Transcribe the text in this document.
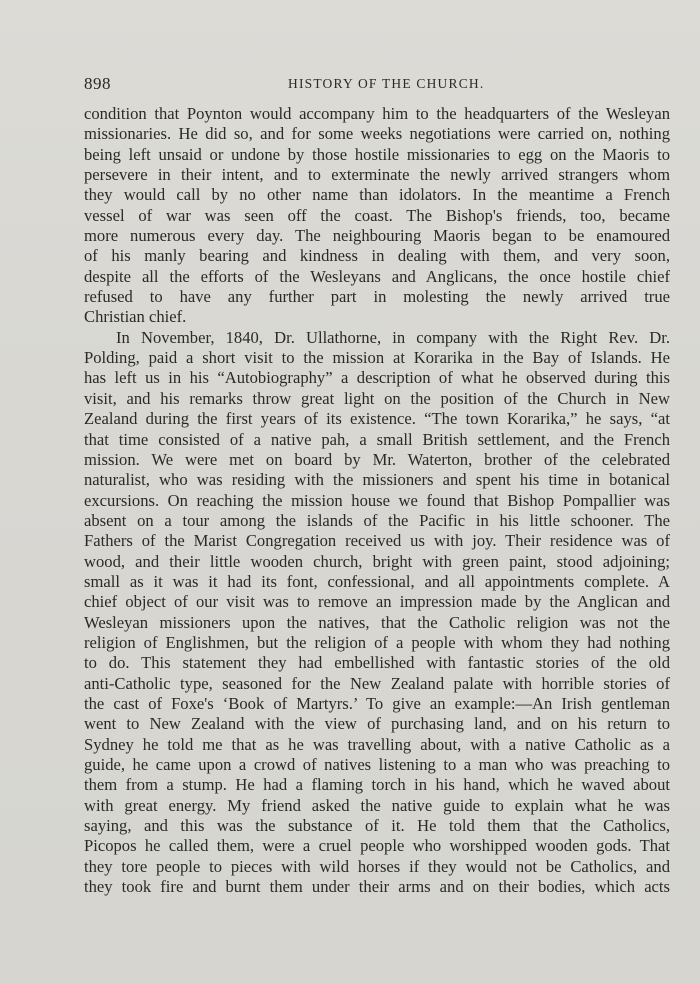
898	HISTORY OF THE CHURCH.
condition that Poynton would accompany him to the headquarters of the Wesleyan
missionaries. He did so, and for some weeks negotiations were carried on, nothing
being left unsaid or undone by those hostile missionaries to egg on the Maoris to
persevere in their intent, and to exterminate the newly arrived strangers whom
they would call by no other name than idolators. In the meantime a French
vessel of war was seen off the coast. The Bishop's friends, too, became
more numerous every day. The neighbouring Maoris began to be enamoured
of his manly bearing and kindness in dealing with them, and very soon,
despite all the efforts of the Wesleyans and Anglicans, the once hostile chief
refused to have any further part in molesting the newly arrived true
Christian chief.
In November, 1840, Dr. Ullathorne, in company with the Right Rev. Dr.
Polding, paid a short visit to the mission at Korarika in the Bay of Islands. He
has left us in his “Autobiography” a description of what he observed during this
visit, and his remarks throw great light on the position of the Church in New
Zealand during the first years of its existence. “The town Korarika,” he says, “at
that time consisted of a native pah, a small British settlement, and the French
mission. We were met on board by Mr. Waterton, brother of the celebrated
naturalist, who was residing with the missioners and spent his time in botanical
excursions. On reaching the mission house we found that Bishop Pompallier was
absent on a tour among the islands of the Pacific in his little schooner. The
Fathers of the Marist Congregation received us with joy. Their residence was of
wood, and their little wooden church, bright with green paint, stood adjoining;
small as it was it had its font, confessional, and all appointments complete. A
chief object of our visit was to remove an impression made by the Anglican and
Wesleyan missioners upon the natives, that the Catholic religion was not the
religion of Englishmen, but the religion of a people with whom they had nothing
to do. This statement they had embellished with fantastic stories of the old
anti-Catholic type, seasoned for the New Zealand palate with horrible stories of
the cast of Foxe's ‘Book of Martyrs.’ To give an example:—An Irish gentleman
went to New Zealand with the view of purchasing land, and on his return to
Sydney he told me that as he was travelling about, with a native Catholic as a
guide, he came upon a crowd of natives listening to a man who was preaching to
them from a stump. He had a flaming torch in his hand, which he waved about
with great energy. My friend asked the native guide to explain what he was
saying, and this was the substance of it. He told them that the Catholics,
Picopos he called them, were a cruel people who worshipped wooden gods. That
they tore people to pieces with wild horses if they would not be Catholics, and
they took fire and burnt them under their arms and on their bodies, which acts
